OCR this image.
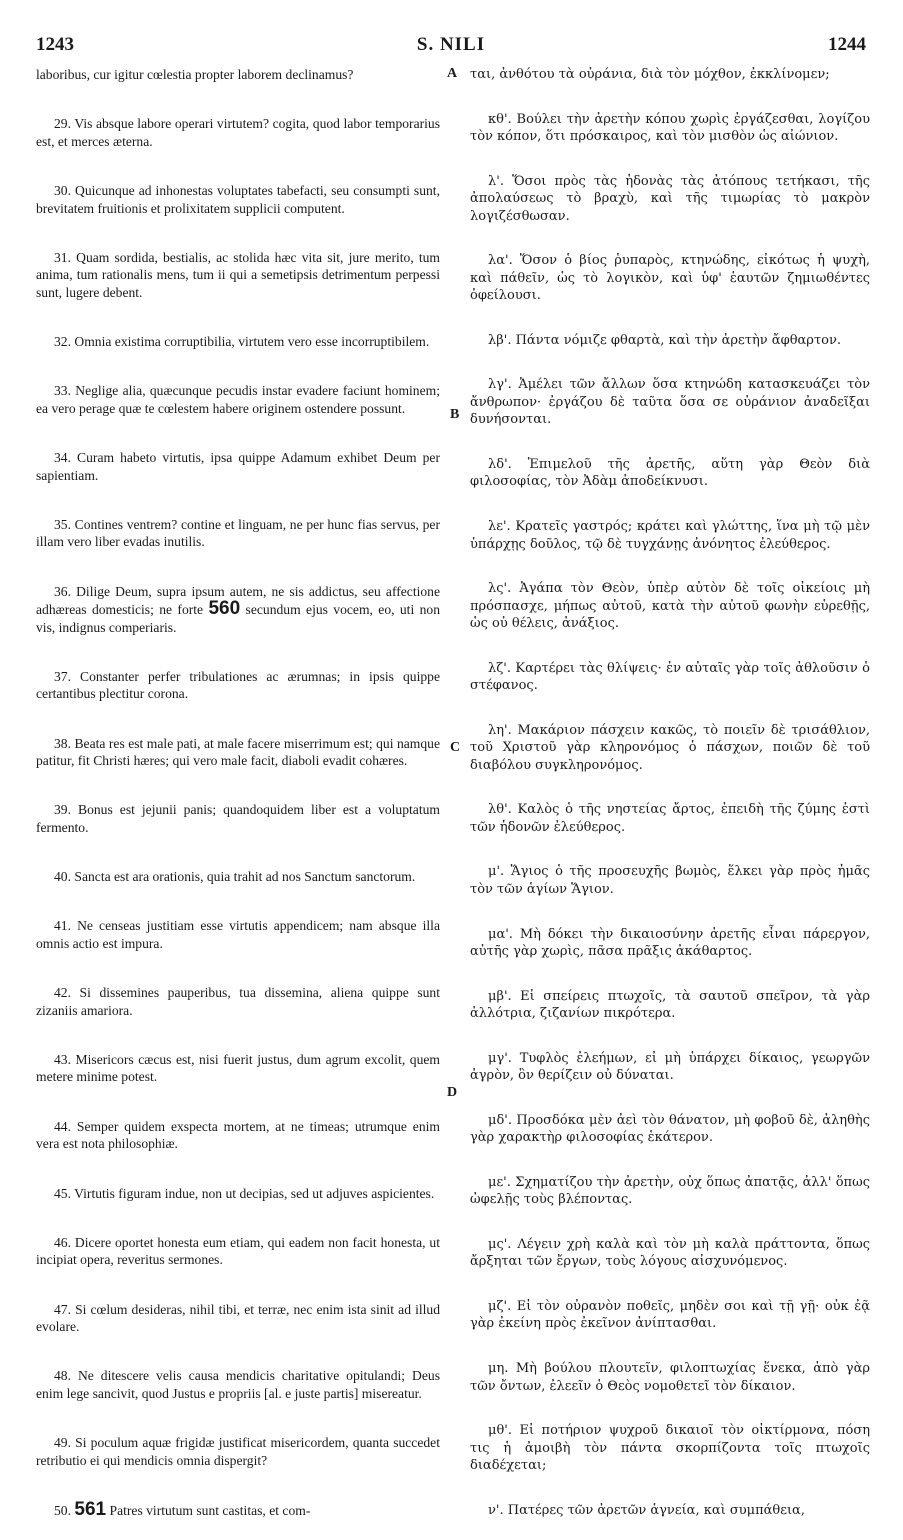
1243	S. NILI	1244

laboribus, cur igitur cœlestia propter laborem declinamus?

29. Vis absque labore operari virtutem? cogita, quod labor temporarius est, et merces æterna.

30. Quicunque ad inhonestas voluptates tabefacti, seu consumpti sunt, brevitatem fruitionis et prolixitatem supplicii computent.

31. Quam sordida, bestialis, ac stolida hæc vita sit, jure merito, tum anima, tum rationalis mens, tum ii qui a semetipsis detrimentum perpessi sunt, lugere debent.

32. Omnia existima corruptibilia, virtutem vero esse incorruptibilem.

33. Neglige alia, quæcunque pecudis instar evadere faciunt hominem; ea vero perage quæ te cœlestem habere originem ostendere possunt.

34. Curam habeto virtutis, ipsa quippe Adamum exhibet Deum per sapientiam.

35. Contines ventrem? contine et linguam, ne per hunc fias servus, per illam vero liber evadas inutilis.

36. Dilige Deum, supra ipsum autem, ne sis addictus, seu affectione adhæreas domesticis; ne forte 560 secundum ejus vocem, eo, uti non vis, indignus comperiaris.

37. Constanter perfer tribulationes ac ærumnas; in ipsis quippe certantibus plectitur corona.

38. Beata res est male pati, at male facere miserrimum est; qui namque patitur, fit Christi hæres; qui vero male facit, diaboli evadit cohæres.

39. Bonus est jejunii panis; quandoquidem liber est a voluptatum fermento.

40. Sancta est ara orationis, quia trahit ad nos Sanctum sanctorum.

41. Ne censeas justitiam esse virtutis appendicem; nam absque illa omnis actio est impura.

42. Si dissemines pauperibus, tua dissemina, aliena quippe sunt zizaniis amariora.

43. Misericors cæcus est, nisi fuerit justus, dum agrum excolit, quem metere minime potest.

44. Semper quidem exspecta mortem, at ne timeas; utrumque enim vera est nota philosophiæ.

45. Virtutis figuram indue, non ut decipias, sed ut adjuves aspicientes.

46. Dicere oportet honesta eum etiam, qui eadem non facit honesta, ut incipiat opera, reveritus sermones.

47. Si cœlum desideras, nihil tibi, et terræ, nec enim ista sinit ad illud evolare.

48. Ne ditescere velis causa mendicis charitative opitulandi; Deus enim lege sancivit, quod Justus e propriis [al. e juste partis] misereatur.

49. Si poculum aquæ frigidæ justificat misericordem, quanta succedet retributio ei qui mendicis omnia dispergit?

50. 561 Patres virtutum sunt castitas, et com-

ται, ἀνθότου τὰ οὐράνια, διὰ τὸν μόχθον, ἐκκλίνομεν;

κθ'. Βούλει τὴν ἀρετὴν κόπου χωρὶς ἐργάζεσθαι, λογίζου τὸν κόπον, ὅτι πρόσκαιρος, καὶ τὸν μισθὸν ὡς αἰώνιον.

λ'. Ὅσοι πρὸς τὰς ἡδονὰς τὰς ἀτόπους τετήκασι, τῆς ἀπολαύσεως τὸ βραχὺ, καὶ τῆς τιμωρίας τὸ μακρὸν λογιζέσθωσαν.

λα'. Ὅσον ὁ βίος ῥυπαρὸς, κτηνώδης, εἰκότως ἡ ψυχὴ, καὶ πάθεῖν, ὡς τὸ λογικὸν, καὶ ὑφ' ἑαυτῶν ζημιωθέντες ὀφείλουσι.

λβ'. Πάντα νόμιζε φθαρτὰ, καὶ τὴν ἀρετὴν ἄφθαρτον.

λγ'. Ἀμέλει τῶν ἄλλων ὅσα κτηνώδη κατασκευάζει τὸν ἄνθρωπον· ἐργάζου δὲ ταῦτα ὅσα σε οὐράνιον ἀναδεῖξαι δυνήσονται.

λδ'. Ἐπιμελοῦ τῆς ἀρετῆς, αὕτη γὰρ Θεὸν διὰ φιλοσοφίας, τὸν Ἀδὰμ ἀποδείκνυσι.

λε'. Κρατεῖς γαστρός; κράτει καὶ γλώττης, ἵνα μὴ τῷ μὲν ὑπάρχῃς δοῦλος, τῷ δὲ τυγχάνῃς ἀνόνητος ἐλεύθερος.

λς'. Ἀγάπα τὸν Θεὸν, ὑπὲρ αὐτὸν δὲ τοῖς οἰκείοις μὴ πρόσπασχε, μήπως αὐτοῦ, κατὰ τὴν αὐτοῦ φωνὴν εὑρεθῇς, ὡς οὐ θέλεις, ἀνάξιος.

λζ'. Καρτέρει τὰς θλίψεις· ἐν αὐταῖς γὰρ τοῖς ἀθλοῦσιν ὁ στέφανος.

λη'. Μακάριον πάσχειν κακῶς, τὸ ποιεῖν δὲ τρισάθλιον, τοῦ Χριστοῦ γὰρ κληρονόμος ὁ πάσχων, ποιῶν δὲ τοῦ διαβόλου συγκληρονόμος.

λθ'. Καλὸς ὁ τῆς νηστείας ἄρτος, ἐπειδὴ τῆς ζύμης ἐστὶ τῶν ἡδονῶν ἐλεύθερος.

μ'. Ἅγιος ὁ τῆς προσευχῆς βωμὸς, ἕλκει γὰρ πρὸς ἡμᾶς τὸν τῶν ἁγίων Ἅγιον.

μα'. Μὴ δόκει τὴν δικαιοσύνην ἀρετῆς εἶναι πάρεργον, αὐτῆς γὰρ χωρὶς, πᾶσα πρᾶξις ἀκάθαρτος.

μβ'. Εἰ σπείρεις πτωχοῖς, τὰ σαυτοῦ σπεῖρον, τὰ γὰρ ἀλλότρια, ζιζανίων πικρότερα.

μγ'. Τυφλὸς ἐλεήμων, εἰ μὴ ὑπάρχει δίκαιος, γεωργῶν ἀγρὸν, ὃν θερίζειν οὐ δύναται.

μδ'. Προσδόκα μὲν ἀεὶ τὸν θάνατον, μὴ φοβοῦ δὲ, ἀληθὴς γὰρ χαρακτὴρ φιλοσοφίας ἑκάτερον.

με'. Σχηματίζου τὴν ἀρετὴν, οὐχ ὅπως ἀπατᾷς, ἀλλ' ὅπως ὠφελῇς τοὺς βλέποντας.

μς'. Λέγειν χρὴ καλὰ καὶ τὸν μὴ καλὰ πράττοντα, ὅπως ἄρξηται τῶν ἔργων, τοὺς λόγους αἰσχυνόμενος.

μζ'. Εἰ τὸν οὐρανὸν ποθεῖς, μηδὲν σοι καὶ τῇ γῇ· οὐκ ἐᾷ γὰρ ἐκείνη πρὸς ἐκεῖνον ἀνίπτασθαι.

μη. Μὴ βούλου πλουτεῖν, φιλοπτωχίας ἕνεκα, ἀπὸ γὰρ τῶν ὄντων, ἐλεεῖν ὁ Θεὸς νομοθετεῖ τὸν δίκαιον.

μθ'. Εἰ ποτήριον ψυχροῦ δικαιοῖ τὸν οἰκτίρμονα, πόση τις ἡ ἀμοιβὴ τὸν πάντα σκορπίζοντα τοῖς πτωχοῖς διαδέχεται;

ν'. Πατέρες τῶν ἀρετῶν ἁγνεία, καὶ συμπάθεια,

A
B
C
D
